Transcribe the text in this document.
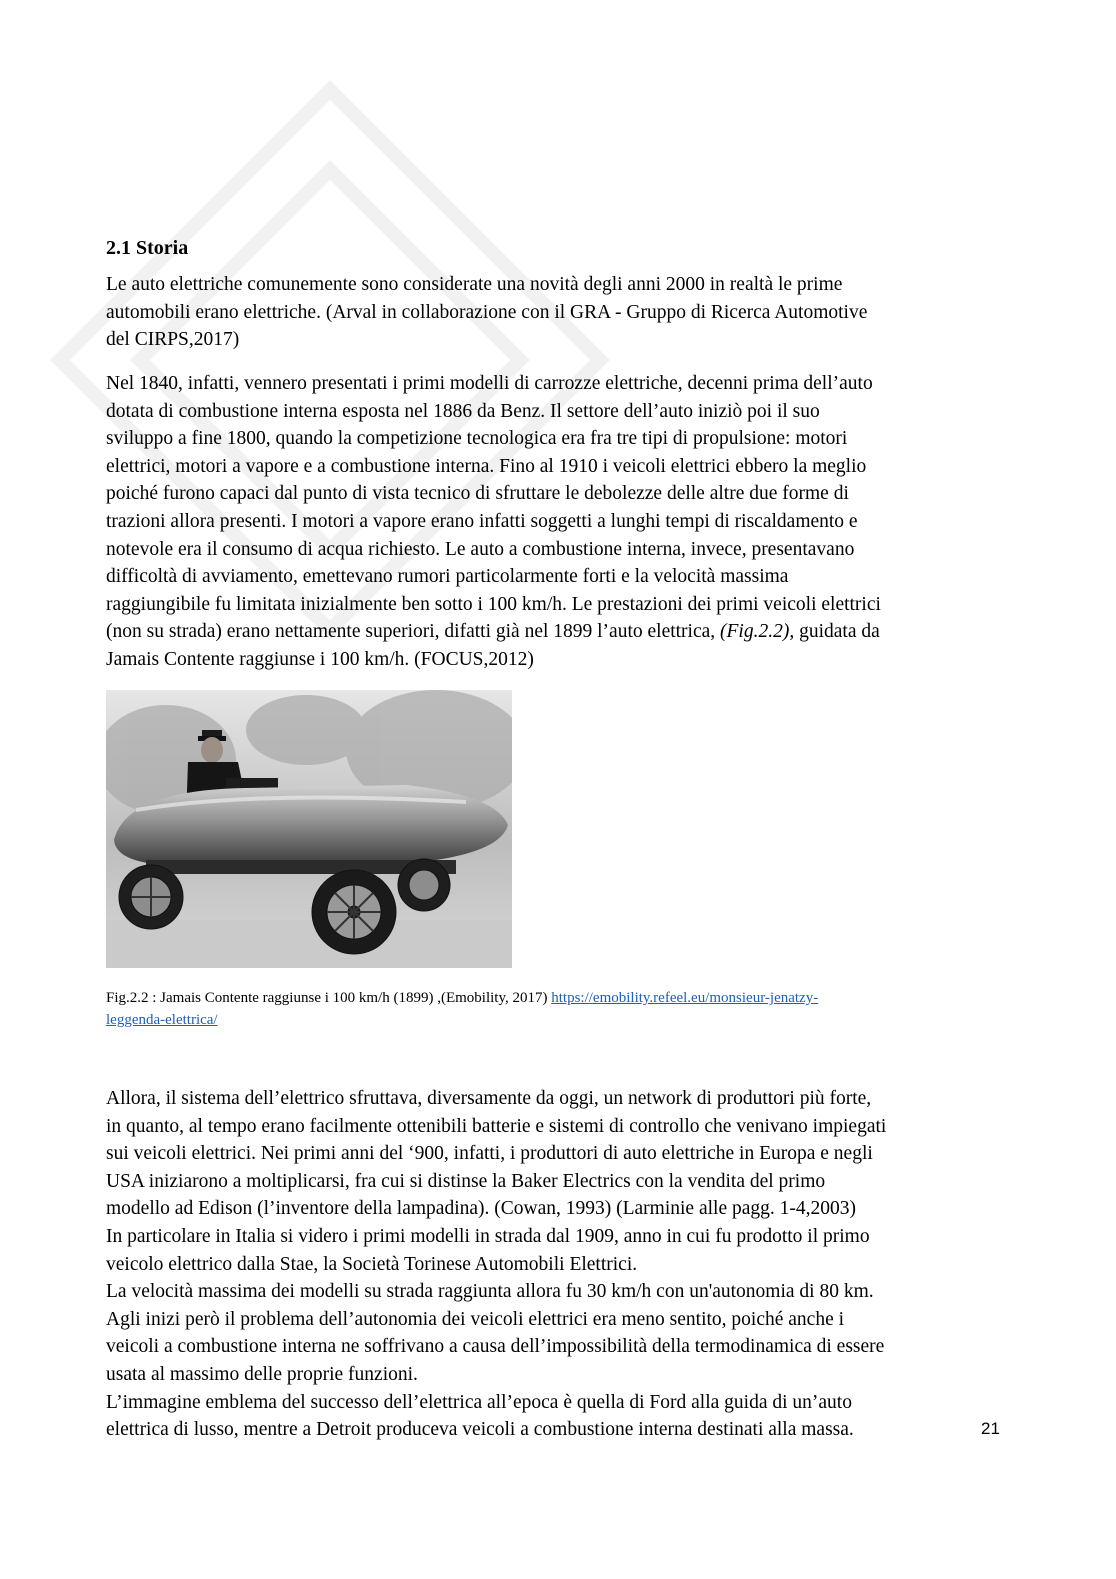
2.1 Storia
Le auto elettriche comunemente sono considerate una novità degli anni 2000 in realtà le prime
automobili erano elettriche. (Arval in collaborazione con il GRA - Gruppo di Ricerca Automotive
del CIRPS,2017)
Nel 1840, infatti, vennero presentati i primi modelli di carrozze elettriche, decenni prima dell’auto
dotata di combustione interna esposta nel 1886 da Benz. Il settore dell’auto iniziò poi il suo
sviluppo a fine 1800, quando la competizione tecnologica era fra tre tipi di propulsione: motori
elettrici, motori a vapore e a combustione interna. Fino al 1910 i veicoli elettrici ebbero la meglio
poiché furono capaci dal punto di vista tecnico di sfruttare le debolezze delle altre due forme di
trazioni allora presenti. I motori a vapore erano infatti soggetti a lunghi tempi di riscaldamento e
notevole era il consumo di acqua richiesto. Le auto a combustione interna, invece, presentavano
difficoltà di avviamento, emettevano rumori particolarmente forti e la velocità massima
raggiungibile fu limitata inizialmente ben sotto i 100 km/h. Le prestazioni dei primi veicoli elettrici
(non su strada) erano nettamente superiori, difatti già nel 1899 l’auto elettrica, (Fig.2.2), guidata da
Jamais Contente raggiunse i 100 km/h. (FOCUS,2012)
Fig.2.2 : Jamais Contente raggiunse i 100 km/h (1899) ,(Emobility, 2017) https://emobility.refeel.eu/monsieur-jenatzy-
leggenda-elettrica/
Allora, il sistema dell’elettrico sfruttava, diversamente da oggi, un network di produttori più forte,
in quanto, al tempo erano facilmente ottenibili batterie e sistemi di controllo che venivano impiegati
sui veicoli elettrici. Nei primi anni del ‘900, infatti, i produttori di auto elettriche in Europa e negli
USA iniziarono a moltiplicarsi, fra cui si distinse la Baker Electrics con la vendita del primo
modello ad Edison (l’inventore della lampadina). (Cowan, 1993) (Larminie alle pagg. 1-4,2003)
In particolare in Italia si videro i primi modelli in strada dal 1909, anno in cui fu prodotto il primo
veicolo elettrico dalla Stae, la Società Torinese Automobili Elettrici.
La velocità massima dei modelli su strada raggiunta allora fu 30 km/h con un'autonomia di 80 km.
Agli inizi però il problema dell’autonomia dei veicoli elettrici era meno sentito, poiché anche i
veicoli a combustione interna ne soffrivano a causa dell’impossibilità della termodinamica di essere
usata al massimo delle proprie funzioni.
L’immagine emblema del successo dell’elettrica all’epoca è quella di Ford alla guida di un’auto
elettrica di lusso, mentre a Detroit produceva veicoli a combustione interna destinati alla massa.	21
